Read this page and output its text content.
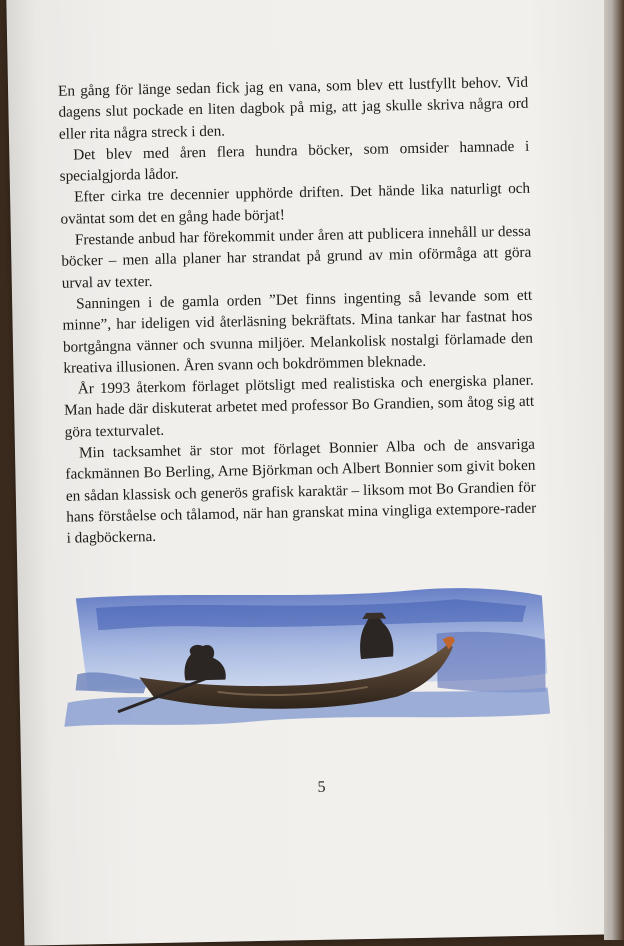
En gång för länge sedan fick jag en vana, som blev ett lustfyllt behov. Vid dagens slut pockade en liten dagbok på mig, att jag skulle skriva några ord eller rita några streck i den.

Det blev med åren flera hundra böcker, som omsider hamnade i specialgjorda lådor.

Efter cirka tre decennier upphörde driften. Det hände lika naturligt och oväntat som det en gång hade börjat!

Frestande anbud har förekommit under åren att publicera innehåll ur dessa böcker – men alla planer har strandat på grund av min oförmåga att göra urval av texter.

Sanningen i de gamla orden ”Det finns ingenting så levande som ett minne”, har ideligen vid återläsning bekräftats. Mina tankar har fastnat hos bortgångna vänner och svunna miljöer. Melankolisk nostalgi förlamade den kreativa illusionen. Åren svann och bokdrömmen bleknade.

År 1993 återkom förlaget plötsligt med realistiska och energiska planer. Man hade där diskuterat arbetet med professor Bo Grandien, som åtog sig att göra texturvalet.

Min tacksamhet är stor mot förlaget Bonnier Alba och de ansvariga fackmännen Bo Berling, Arne Björkman och Albert Bonnier som givit boken en sådan klassisk och generös grafisk karaktär – liksom mot Bo Grandien för hans förståelse och tålamod, när han granskat mina vingliga extempore-rader i dagböckerna.

5
